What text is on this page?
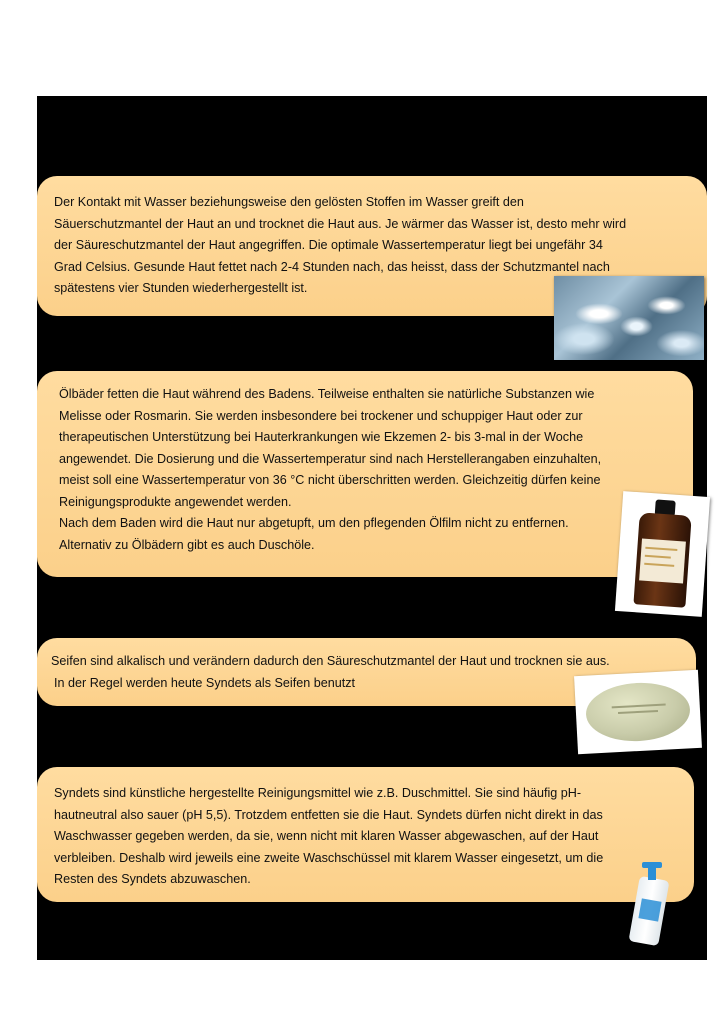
Der Kontakt mit Wasser beziehungsweise den gelösten Stoffen im Wasser greift den

Säuerschutzmantel der Haut an und trocknet die Haut aus. Je wärmer das Wasser ist, desto mehr wird

der Säureschutzmantel der Haut angegriffen. Die optimale Wassertemperatur liegt bei ungefähr 34

Grad Celsius. Gesunde Haut fettet nach 2-4 Stunden nach, das heisst, dass der Schutzmantel nach

spätestens vier Stunden wiederhergestellt ist.

Ölbäder fetten die Haut während des Badens. Teilweise enthalten sie natürliche Substanzen wie

Melisse oder Rosmarin. Sie werden insbesondere bei trockener und schuppiger Haut oder zur

therapeutischen Unterstützung bei Hauterkrankungen wie Ekzemen 2- bis 3-mal in der Woche

angewendet. Die Dosierung und die Wassertemperatur sind nach Herstellerangaben einzuhalten,

meist soll eine Wassertemperatur von 36 °C nicht überschritten werden. Gleichzeitig dürfen keine

Reinigungsprodukte angewendet werden.

Nach dem Baden wird die Haut nur abgetupft, um den pflegenden Ölfilm nicht zu entfernen.

Alternativ zu Ölbädern gibt es auch Duschöle.

Seifen sind alkalisch und verändern dadurch den Säureschutzmantel der Haut und trocknen sie aus.

In der Regel werden heute Syndets als Seifen benutzt

Syndets sind künstliche hergestellte Reinigungsmittel wie z.B. Duschmittel. Sie sind häufig pH-

hautneutral also sauer (pH 5,5). Trotzdem entfetten sie die Haut. Syndets dürfen nicht direkt in das

Waschwasser gegeben werden, da sie, wenn nicht mit klaren Wasser abgewaschen, auf der Haut

verbleiben. Deshalb wird jeweils eine zweite Waschschüssel mit klarem Wasser eingesetzt, um die

Resten des Syndets abzuwaschen.
